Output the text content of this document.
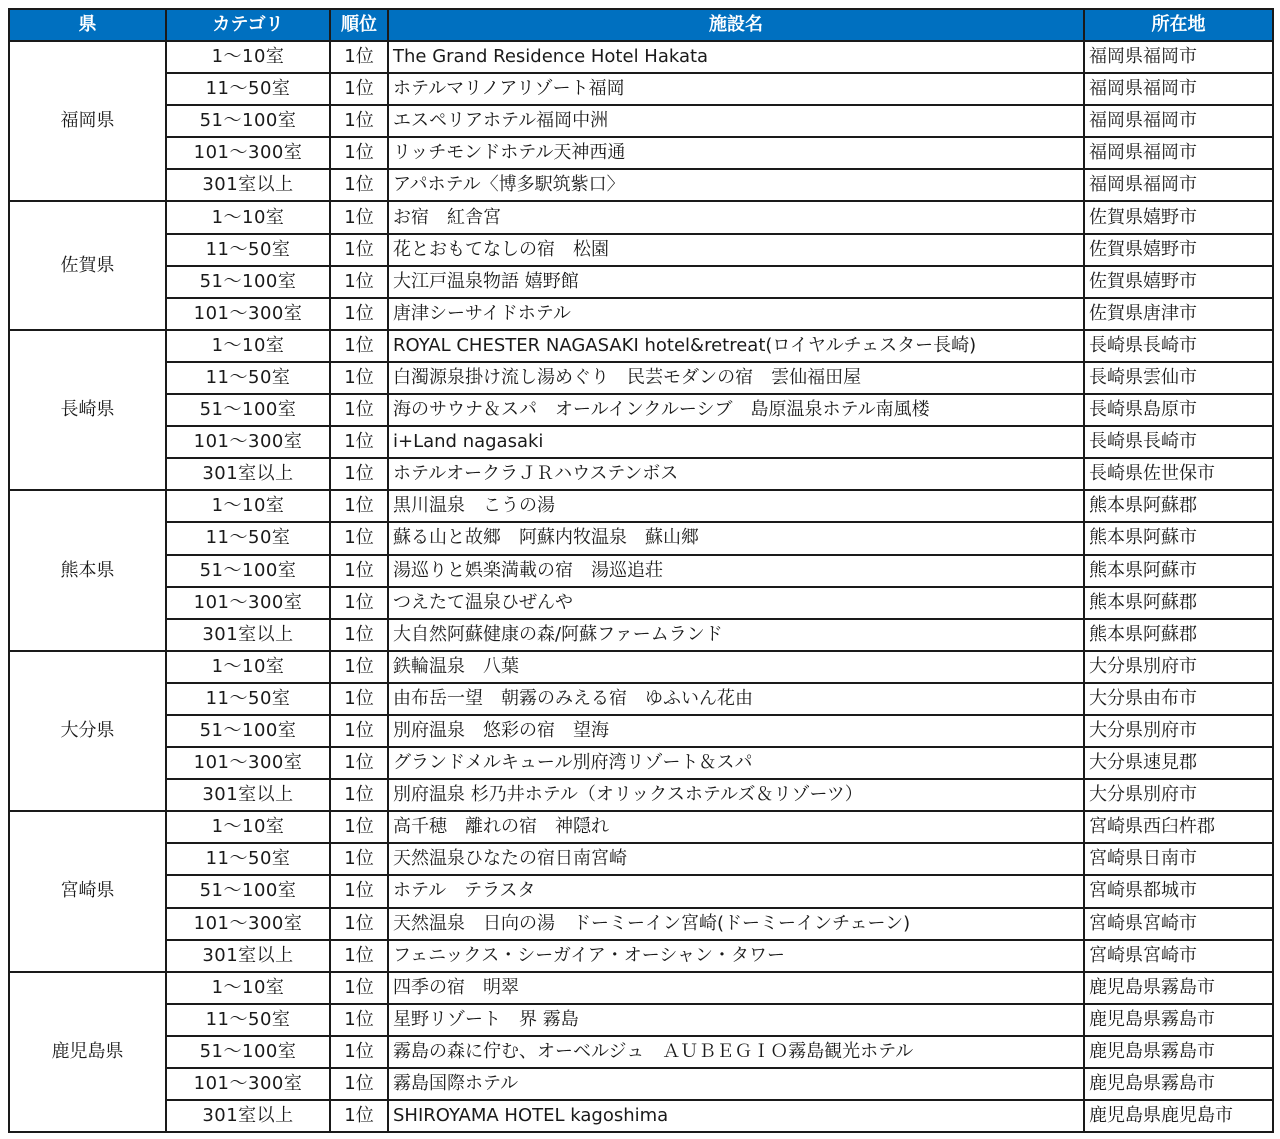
県	カテゴリ	順位	施設名	所在地
福岡県	1～10室	1位	The Grand Residence Hotel Hakata	福岡県福岡市
	11～50室	1位	ホテルマリノアリゾート福岡	福岡県福岡市
	51～100室	1位	エスペリアホテル福岡中洲	福岡県福岡市
	101～300室	1位	リッチモンドホテル天神西通	福岡県福岡市
	301室以上	1位	アパホテル〈博多駅筑紫口〉	福岡県福岡市
佐賀県	1～10室	1位	お宿　紅舎宮	佐賀県嬉野市
	11～50室	1位	花とおもてなしの宿　松園	佐賀県嬉野市
	51～100室	1位	大江戸温泉物語 嬉野館	佐賀県嬉野市
	101～300室	1位	唐津シーサイドホテル	佐賀県唐津市
長崎県	1～10室	1位	ROYAL CHESTER NAGASAKI hotel&retreat(ロイヤルチェスター長崎)	長崎県長崎市
	11～50室	1位	白濁源泉掛け流し湯めぐり　民芸モダンの宿　雲仙福田屋	長崎県雲仙市
	51～100室	1位	海のサウナ＆スパ　オールインクルーシブ　島原温泉ホテル南風楼	長崎県島原市
	101～300室	1位	i+Land nagasaki	長崎県長崎市
	301室以上	1位	ホテルオークラＪＲハウステンボス	長崎県佐世保市
熊本県	1～10室	1位	黒川温泉　こうの湯	熊本県阿蘇郡
	11～50室	1位	蘇る山と故郷　阿蘇内牧温泉　蘇山郷	熊本県阿蘇市
	51～100室	1位	湯巡りと娯楽満載の宿　湯巡追荘	熊本県阿蘇市
	101～300室	1位	つえたて温泉ひぜんや	熊本県阿蘇郡
	301室以上	1位	大自然阿蘇健康の森/阿蘇ファームランド	熊本県阿蘇郡
大分県	1～10室	1位	鉄輪温泉　八葉	大分県別府市
	11～50室	1位	由布岳一望　朝霧のみえる宿　ゆふいん花由	大分県由布市
	51～100室	1位	別府温泉　悠彩の宿　望海	大分県別府市
	101～300室	1位	グランドメルキュール別府湾リゾート＆スパ	大分県速見郡
	301室以上	1位	別府温泉 杉乃井ホテル（オリックスホテルズ＆リゾーツ）	大分県別府市
宮崎県	1～10室	1位	高千穂　離れの宿　神隠れ	宮崎県西臼杵郡
	11～50室	1位	天然温泉ひなたの宿日南宮崎	宮崎県日南市
	51～100室	1位	ホテル　テラスタ	宮崎県都城市
	101～300室	1位	天然温泉　日向の湯　ドーミーイン宮崎(ドーミーインチェーン)	宮崎県宮崎市
	301室以上	1位	フェニックス・シーガイア・オーシャン・タワー	宮崎県宮崎市
鹿児島県	1～10室	1位	四季の宿　明翠	鹿児島県霧島市
	11～50室	1位	星野リゾート　界 霧島	鹿児島県霧島市
	51～100室	1位	霧島の森に佇む、オーベルジュ　ＡＵＢＥＧＩＯ霧島観光ホテル	鹿児島県霧島市
	101～300室	1位	霧島国際ホテル	鹿児島県霧島市
	301室以上	1位	SHIROYAMA HOTEL kagoshima	鹿児島県鹿児島市
